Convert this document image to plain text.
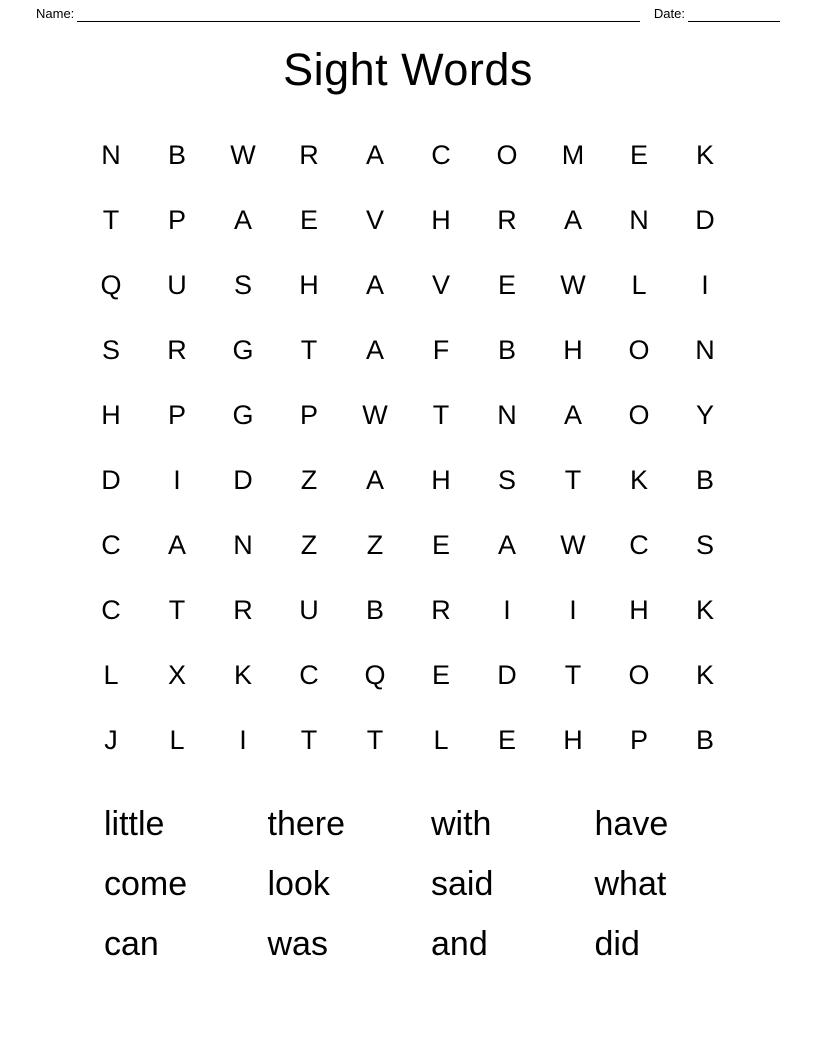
Name:	Date:
Sight Words
N	B	W	R	A	C	O	M	E	K
T	P	A	E	V	H	R	A	N	D
Q	U	S	H	A	V	E	W	L	I
S	R	G	T	A	F	B	H	O	N
H	P	G	P	W	T	N	A	O	Y
D	I	D	Z	A	H	S	T	K	B
C	A	N	Z	Z	E	A	W	C	S
C	T	R	U	B	R	I	I	H	K
L	X	K	C	Q	E	D	T	O	K
J	L	I	T	T	L	E	H	P	B
little	there	with	have
come	look	said	what
can	was	and	did
